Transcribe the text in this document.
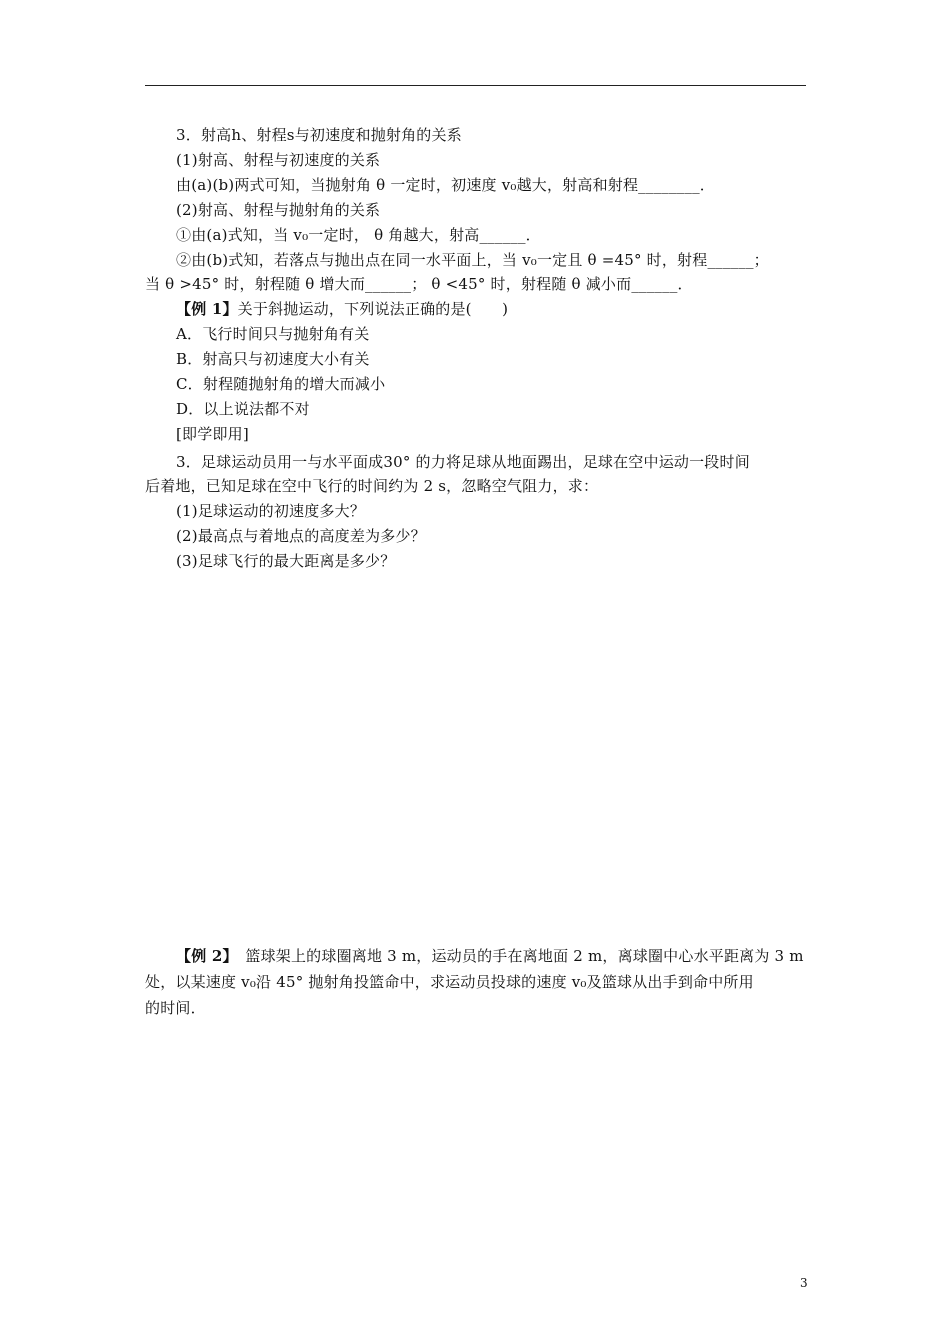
3．射高h、射程s与初速度和抛射角的关系
(1)射高、射程与初速度的关系
由(a)(b)两式可知，当抛射角 θ 一定时，初速度 v₀越大，射高和射程________．
(2)射高、射程与抛射角的关系
①由(a)式知，当 v₀一定时， θ 角越大，射高______．
②由(b)式知，若落点与抛出点在同一水平面上，当 v₀一定且 θ =45° 时，射程______；
当 θ >45° 时，射程随 θ 增大而______； θ <45° 时，射程随 θ 减小而______．
【例 1】关于斜抛运动，下列说法正确的是(　　)
A．飞行时间只与抛射角有关
B．射高只与初速度大小有关
C．射程随抛射角的增大而减小
D．以上说法都不对
[即学即用]
3．足球运动员用一与水平面成30° 的力将足球从地面踢出，足球在空中运动一段时间
后着地，已知足球在空中飞行的时间约为 2 s，忽略空气阻力，求：
(1)足球运动的初速度多大？
(2)最高点与着地点的高度差为多少？
(3)足球飞行的最大距离是多少？
【例 2】　篮球架上的球圈离地 3 m，运动员的手在离地面 2 m，离球圈中心水平距离为 3 m
处，以某速度 v₀沿 45° 抛射角投篮命中，求运动员投球的速度 v₀及篮球从出手到命中所用
的时间．
3
